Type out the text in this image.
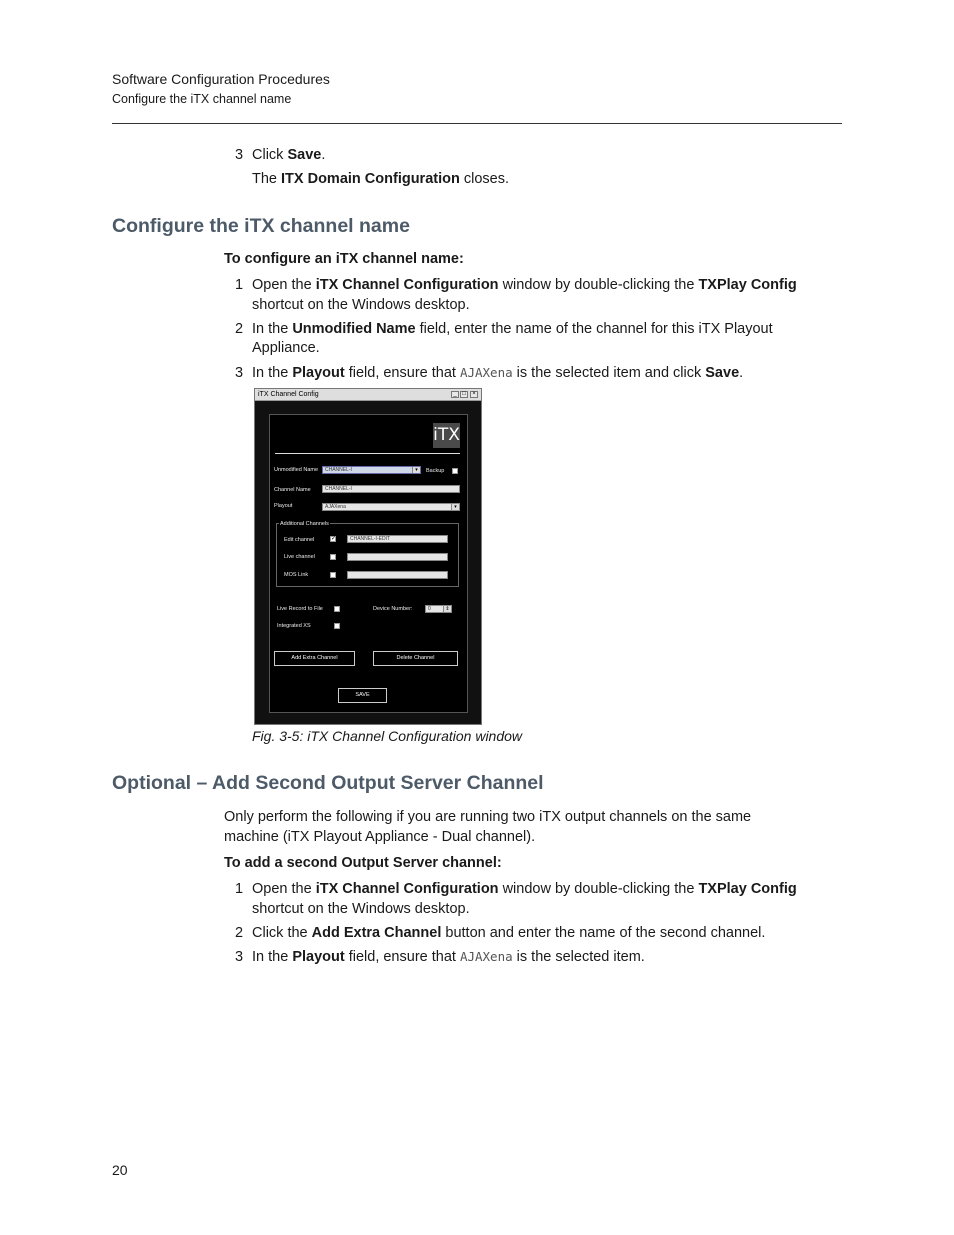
Software Configuration Procedures
Configure the iTX channel name
3 Click Save.
The ITX Domain Configuration closes.
Configure the iTX channel name
To configure an iTX channel name:
1 Open the iTX Channel Configuration window by double-clicking the TXPlay Config
shortcut on the Windows desktop.
2 In the Unmodified Name field, enter the name of the channel for this iTX Playout
Appliance.
3 In the Playout field, ensure that AJAXena is the selected item and click Save.
iTX Channel Config	_ □	×
iTX
Unmodified Name	CHANNEL-I	▾	Backup
Channel Name	CHANNEL-I
Playout	AJAXena	▾
Additional Channels
Edit channel	✓	CHANNEL-I-EDIT
Live channel
MOS Link
Live Record to File	Device Number:	0	⇕
Integrated XS
Add Extra Channel	Delete Channel
SAVE
Fig. 3-5: iTX Channel Configuration window
Optional – Add Second Output Server Channel
Only perform the following if you are running two iTX output channels on the same
machine (iTX Playout Appliance - Dual channel).
To add a second Output Server channel:
1 Open the iTX Channel Configuration window by double-clicking the TXPlay Config
shortcut on the Windows desktop.
2 Click the Add Extra Channel button and enter the name of the second channel.
3 In the Playout field, ensure that AJAXena is the selected item.
20
